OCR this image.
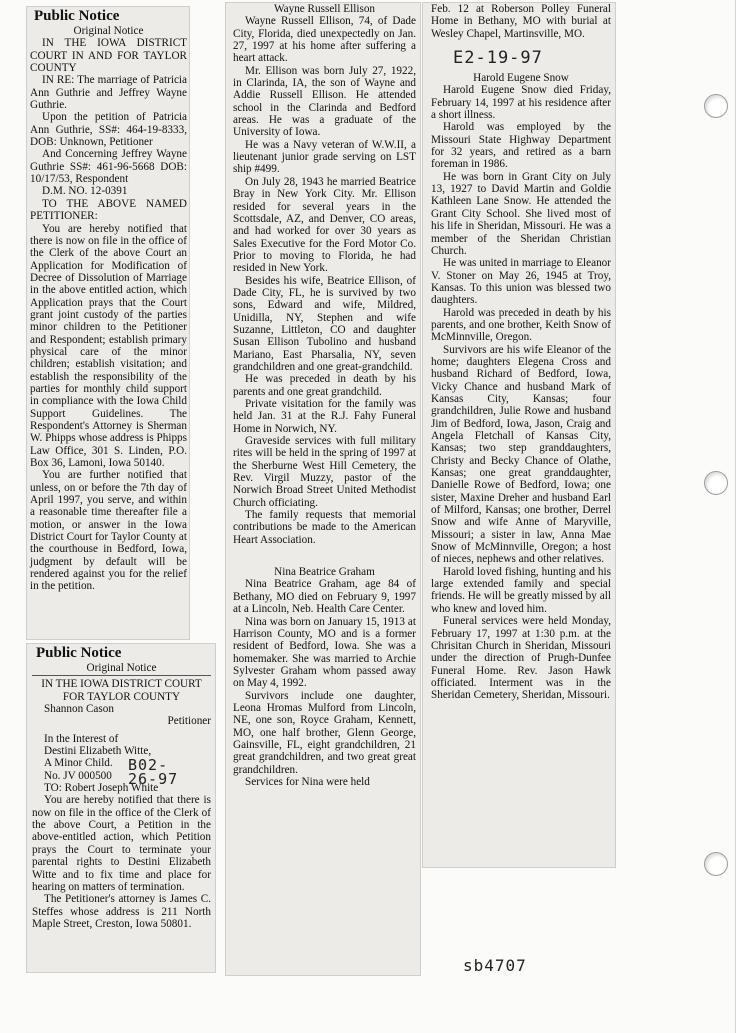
Public Notice
Original Notice
IN THE IOWA DISTRICT COURT IN AND FOR TAYLOR COUNTY

IN RE: The marriage of Patricia Ann Guthrie and Jeffrey Wayne Guthrie.

Upon the petition of Patricia Ann Guthrie, SS#: 464-19-8333, DOB: Unknown, Petitioner

And Concerning Jeffrey Wayne Guthrie SS#: 461-96-5668 DOB: 10/17/53, Respondent

D.M. NO. 12-0391

TO THE ABOVE NAMED PETITIONER:

You are hereby notified that there is now on file in the office of the Clerk of the above Court an Application for Modification of Decree of Dissolution of Marriage in the above entitled action, which Application prays that the Court grant joint custody of the parties minor children to the Petitioner and Respondent; establish primary physical care of the minor children; establish visitation; and establish the responsibility of the parties for monthly child support in compliance with the Iowa Child Support Guidelines. The Respondent's Attorney is Sherman W. Phipps whose address is Phipps Law Office, 301 S. Linden, P.O. Box 36, Lamoni, Iowa 50140.

You are further notified that unless, on or before the 7th day of April 1997, you serve, and within a reasonable time thereafter file a motion, or answer in the Iowa District Court for Taylor County at the courthouse in Bedford, Iowa, judgment by default will be rendered against you for the relief in the petition.

Public Notice
Original Notice
IN THE IOWA DISTRICT COURT FOR TAYLOR COUNTY
Shannon Cason
Petitioner
In the Interest of
Destini Elizabeth Witte,
A Minor Child.
No. JV 000500
B02-26-97
TO: Robert Joseph White

You are hereby notified that there is now on file in the office of the Clerk of the above Court, a Petition in the above-entitled action, which Petition prays the Court to terminate your parental rights to Destini Elizabeth Witte and to fix time and place for hearing on matters of termination.

The Petitioner's attorney is James C. Steffes whose address is 211 North Maple Street, Creston, Iowa 50801.

Wayne Russell Ellison

Wayne Russell Ellison, 74, of Dade City, Florida, died unexpectedly on Jan. 27, 1997 at his home after suffering a heart attack.

Mr. Ellison was born July 27, 1922, in Clarinda, IA, the son of Wayne and Addie Russell Ellison. He attended school in the Clarinda and Bedford areas. He was a graduate of the University of Iowa.

He was a Navy veteran of W.W.II, a lieutenant junior grade serving on LST ship #499.

On July 28, 1943 he married Beatrice Bray in New York City. Mr. Ellison resided for several years in the Scottsdale, AZ, and Denver, CO areas, and had worked for over 30 years as Sales Executive for the Ford Motor Co. Prior to moving to Florida, he had resided in New York.

Besides his wife, Beatrice Ellison, of Dade City, FL, he is survived by two sons, Edward and wife, Mildred, Unidilla, NY, Stephen and wife Suzanne, Littleton, CO and daughter Susan Ellison Tubolino and husband Mariano, East Pharsalia, NY, seven grandchildren and one great-grandchild.

He was preceded in death by his parents and one great grandchild.

Private visitation for the family was held Jan. 31 at the R.J. Fahy Funeral Home in Norwich, NY.

Graveside services with full military rites will be held in the spring of 1997 at the Sherburne West Hill Cemetery, the Rev. Virgil Muzzy, pastor of the Norwich Broad Street United Methodist Church officiating.

The family requests that memorial contributions be made to the American Heart Association.

Nina Beatrice Graham

Nina Beatrice Graham, age 84 of Bethany, MO died on February 9, 1997 at a Lincoln, Neb. Health Care Center.

Nina was born on January 15, 1913 at Harrison County, MO and is a former resident of Bedford, Iowa. She was a homemaker. She was married to Archie Sylvester Graham whom passed away on May 4, 1992.

Survivors include one daughter, Leona Hromas Mulford from Lincoln, NE, one son, Royce Graham, Kennett, MO, one half brother, Glenn George, Gainsville, FL, eight grandchildren, 21 great grandchildren, and two great great grandchildren.

Services for Nina were held

Feb. 12 at Roberson Polley Funeral Home in Bethany, MO with burial at Wesley Chapel, Martinsville, MO.

E2-19-97
Harold Eugene Snow

Harold Eugene Snow died Friday, February 14, 1997 at his residence after a short illness.

Harold was employed by the Missouri State Highway Department for 32 years, and retired as a barn foreman in 1986.

He was born in Grant City on July 13, 1927 to David Martin and Goldie Kathleen Lane Snow. He attended the Grant City School. She lived most of his life in Sheridan, Missouri. He was a member of the Sheridan Christian Church.

He was united in marriage to Eleanor V. Stoner on May 26, 1945 at Troy, Kansas. To this union was blessed two daughters.

Harold was preceded in death by his parents, and one brother, Keith Snow of McMinnville, Oregon.

Survivors are his wife Eleanor of the home; daughters Elegena Cross and husband Richard of Bedford, Iowa, Vicky Chance and husband Mark of Kansas City, Kansas; four grandchildren, Julie Rowe and husband Jim of Bedford, Iowa, Jason, Craig and Angela Fletchall of Kansas City, Kansas; two step granddaughters, Christy and Becky Chance of Olathe, Kansas; one great granddaughter, Danielle Rowe of Bedford, Iowa; one sister, Maxine Dreher and husband Earl of Milford, Kansas; one brother, Derrel Snow and wife Anne of Maryville, Missouri; a sister in law, Anna Mae Snow of McMinnville, Oregon; a host of nieces, nephews and other relatives.

Harold loved fishing, hunting and his large extended family and special friends. He will be greatly missed by all who knew and loved him.

Funeral services were held Monday, February 17, 1997 at 1:30 p.m. at the Chrisitan Church in Sheridan, Missouri under the direction of Prugh-Dunfee Funeral Home. Rev. Jason Hawk officiated. Interment was in the Sheridan Cemetery, Sheridan, Missouri.

sb4707
